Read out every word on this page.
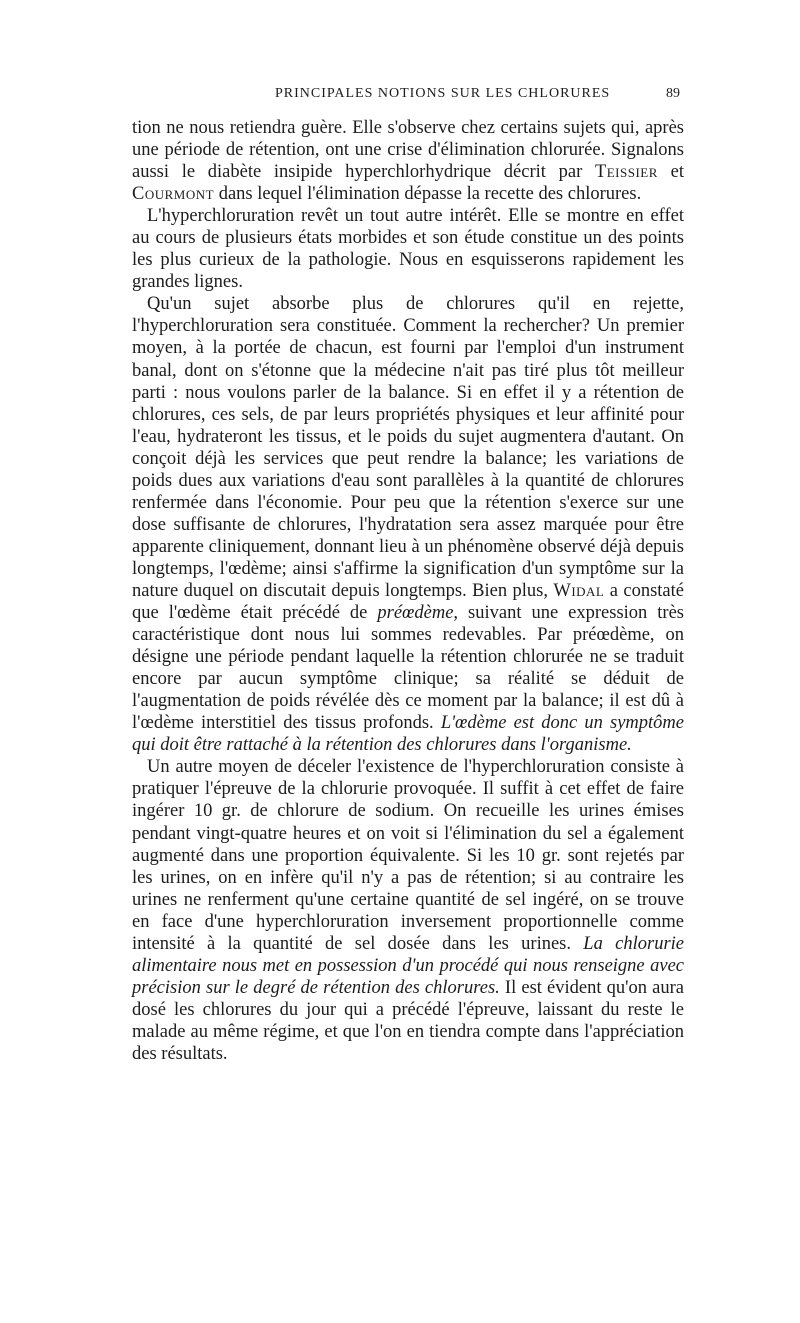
PRINCIPALES NOTIONS SUR LES CHLORURES	89

tion ne nous retiendra guère. Elle s'observe chez certains sujets qui, après une période de rétention, ont une crise d'élimination chlorurée. Signalons aussi le diabète insipide hyperchlorhydrique décrit par Teissier et Courmont dans lequel l'élimination dépasse la recette des chlorures.

L'hyperchloruration revêt un tout autre intérêt. Elle se montre en effet au cours de plusieurs états morbides et son étude constitue un des points les plus curieux de la pathologie. Nous en esquisserons rapidement les grandes lignes.

Qu'un sujet absorbe plus de chlorures qu'il en rejette, l'hyperchloruration sera constituée. Comment la rechercher? Un premier moyen, à la portée de chacun, est fourni par l'emploi d'un instrument banal, dont on s'étonne que la médecine n'ait pas tiré plus tôt meilleur parti : nous voulons parler de la balance. Si en effet il y a rétention de chlorures, ces sels, de par leurs propriétés physiques et leur affinité pour l'eau, hydrateront les tissus, et le poids du sujet augmentera d'autant. On conçoit déjà les services que peut rendre la balance; les variations de poids dues aux variations d'eau sont parallèles à la quantité de chlorures renfermée dans l'économie. Pour peu que la rétention s'exerce sur une dose suffisante de chlorures, l'hydratation sera assez marquée pour être apparente cliniquement, donnant lieu à un phénomène observé déjà depuis longtemps, l'œdème; ainsi s'affirme la signification d'un symptôme sur la nature duquel on discutait depuis longtemps. Bien plus, Widal a constaté que l'œdème était précédé de préœdème, suivant une expression très caractéristique dont nous lui sommes redevables. Par préœdème, on désigne une période pendant laquelle la rétention chlorurée ne se traduit encore par aucun symptôme clinique; sa réalité se déduit de l'augmentation de poids révélée dès ce moment par la balance; il est dû à l'œdème interstitiel des tissus profonds. L'œdème est donc un symptôme qui doit être rattaché à la rétention des chlorures dans l'organisme.

Un autre moyen de déceler l'existence de l'hyperchloruration consiste à pratiquer l'épreuve de la chlorurie provoquée. Il suffit à cet effet de faire ingérer 10 gr. de chlorure de sodium. On recueille les urines émises pendant vingt-quatre heures et on voit si l'élimination du sel a également augmenté dans une proportion équivalente. Si les 10 gr. sont rejetés par les urines, on en infère qu'il n'y a pas de rétention; si au contraire les urines ne renferment qu'une certaine quantité de sel ingéré, on se trouve en face d'une hyperchloruration inversement proportionnelle comme intensité à la quantité de sel dosée dans les urines. La chlorurie alimentaire nous met en possession d'un procédé qui nous renseigne avec précision sur le degré de rétention des chlorures. Il est évident qu'on aura dosé les chlorures du jour qui a précédé l'épreuve, laissant du reste le malade au même régime, et que l'on en tiendra compte dans l'appréciation des résultats.
